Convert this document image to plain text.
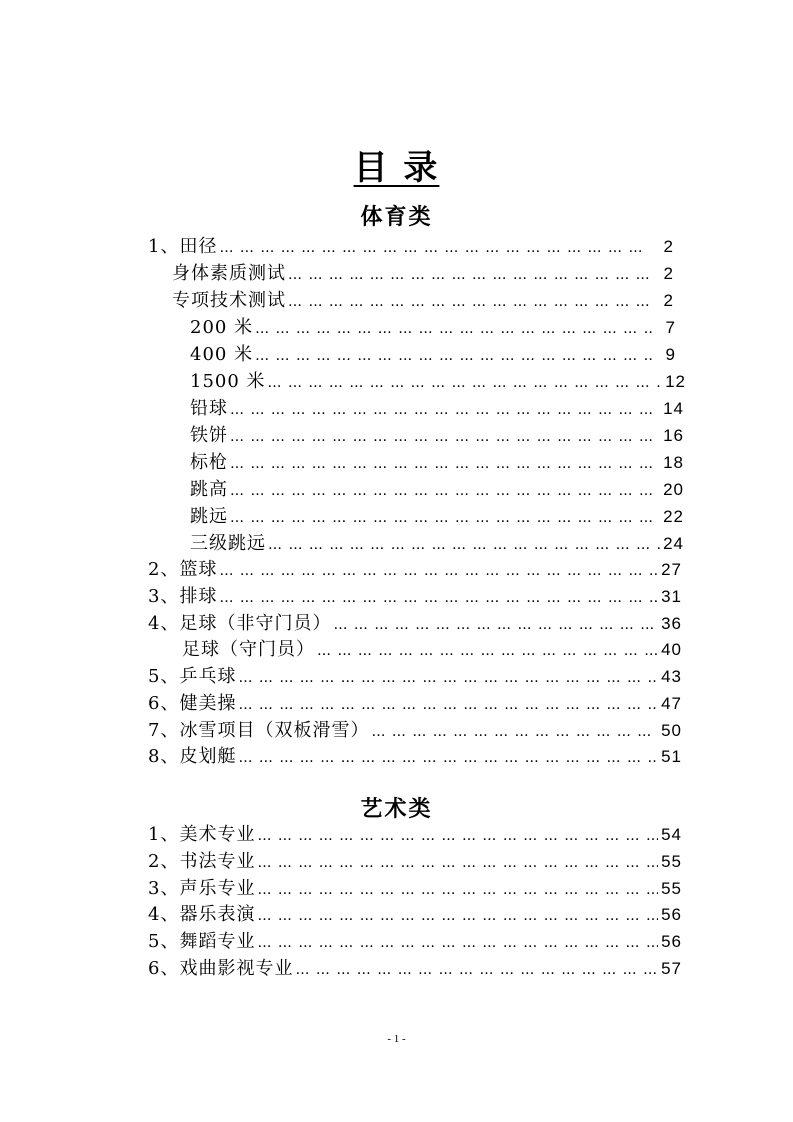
目 录
体育类
1、田径 … … … … … … … … … … … … … … … … … … … … … … … … … … … … … … … … … … … … … … … … … … … …	2
身体素质测试 … … … … … … … … … … … … … … … … … … … … … … … … … … … … … … … … … … … … … … … … … … … …	2
专项技术测试 … … … … … … … … … … … … … … … … … … … … … … … … … … … … … … … … … … … … … … … … … … … …	2
200 米 … … … … … … … … … … … … … … … … … … … … … … … … … … … … … … … … … … … … … … … … … … … …	7
400 米 … … … … … … … … … … … … … … … … … … … … … … … … … … … … … … … … … … … … … … … … … … … …	9
1500 米 … … … … … … … … … … … … … … … … … … … … … … … … … … … … … … … … … … … … … … … … … … … …	12
铅球 … … … … … … … … … … … … … … … … … … … … … … … … … … … … … … … … … … … … … … … … … … … …	14
铁饼 … … … … … … … … … … … … … … … … … … … … … … … … … … … … … … … … … … … … … … … … … … … …	16
标枪 … … … … … … … … … … … … … … … … … … … … … … … … … … … … … … … … … … … … … … … … … … … …	18
跳高 … … … … … … … … … … … … … … … … … … … … … … … … … … … … … … … … … … … … … … … … … … … …	20
跳远 … … … … … … … … … … … … … … … … … … … … … … … … … … … … … … … … … … … … … … … … … … … …	22
三级跳远 … … … … … … … … … … … … … … … … … … … … … … … … … … … … … … … … … … … … … … … … … … … …	24
2、篮球 … … … … … … … … … … … … … … … … … … … … … … … … … … … … … … … … … … … … … … … … … … … …	27
3、排球 … … … … … … … … … … … … … … … … … … … … … … … … … … … … … … … … … … … … … … … … … … … …	31
4、足球（非守门员） … … … … … … … … … … … … … … … … … … … … … … … … … … … … … … … … … … … … … … … … … … … …	36
足球（守门员） … … … … … … … … … … … … … … … … … … … … … … … … … … … … … … … … … … … … … … … … … … … …	40
5、乒乓球 … … … … … … … … … … … … … … … … … … … … … … … … … … … … … … … … … … … … … … … … … … … …	43
6、健美操 … … … … … … … … … … … … … … … … … … … … … … … … … … … … … … … … … … … … … … … … … … … …	47
7、冰雪项目（双板滑雪） … … … … … … … … … … … … … … … … … … … … … … … … … … … … … … … … … … … … … … … … … … … …	50
8、皮划艇 … … … … … … … … … … … … … … … … … … … … … … … … … … … … … … … … … … … … … … … … … … … …	51
艺术类
1、美术专业 … … … … … … … … … … … … … … … … … … … … … … … … … … … … … … … … … … … … … … … … … … … …	54
2、书法专业 … … … … … … … … … … … … … … … … … … … … … … … … … … … … … … … … … … … … … … … … … … … …	55
3、声乐专业 … … … … … … … … … … … … … … … … … … … … … … … … … … … … … … … … … … … … … … … … … … … …	55
4、器乐表演 … … … … … … … … … … … … … … … … … … … … … … … … … … … … … … … … … … … … … … … … … … … …	56
5、舞蹈专业 … … … … … … … … … … … … … … … … … … … … … … … … … … … … … … … … … … … … … … … … … … … …	56
6、戏曲影视专业 … … … … … … … … … … … … … … … … … … … … … … … … … … … … … … … … … … … … … … … … … … … …	57
- 1 -
